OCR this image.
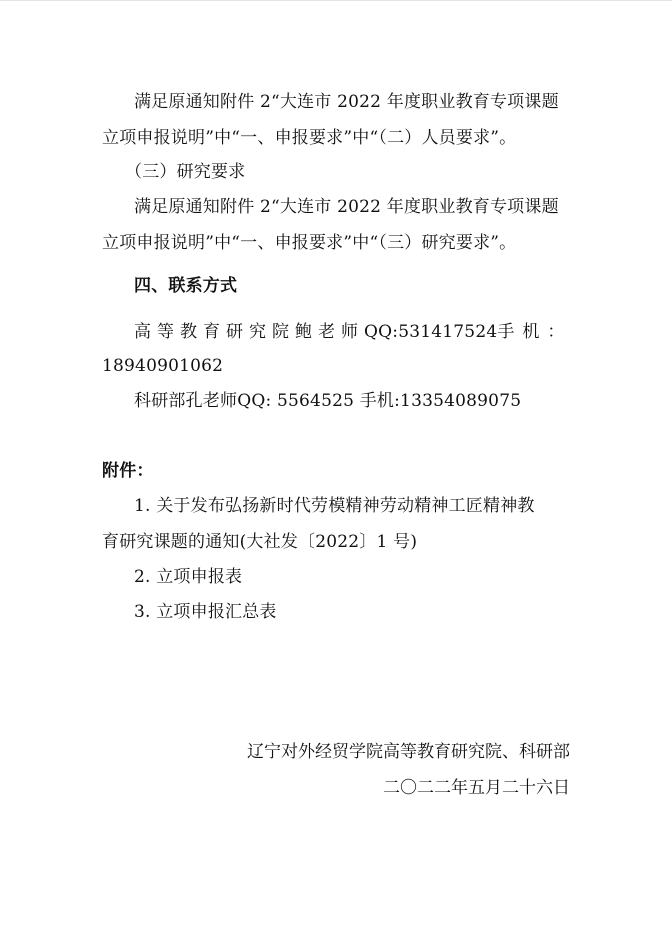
满足原通知附件 2“大连市 2022 年度职业教育专项课题
立项申报说明”中“一、申报要求”中“（二）人员要求”。
（三）研究要求
满足原通知附件 2“大连市 2022 年度职业教育专项课题
立项申报说明”中“一、申报要求”中“（三）研究要求”。
四、联系方式
高等教育研究院鲍老师 QQ:531417524 手机：
18940901062
科研部孔老师QQ: 5564525 手机:13354089075
附件：
1. 关于发布弘扬新时代劳模精神劳动精神工匠精神教
育研究课题的通知(大社发〔2022〕1 号)
2. 立项申报表
3. 立项申报汇总表
辽宁对外经贸学院高等教育研究院、科研部
二〇二二年五月二十六日
